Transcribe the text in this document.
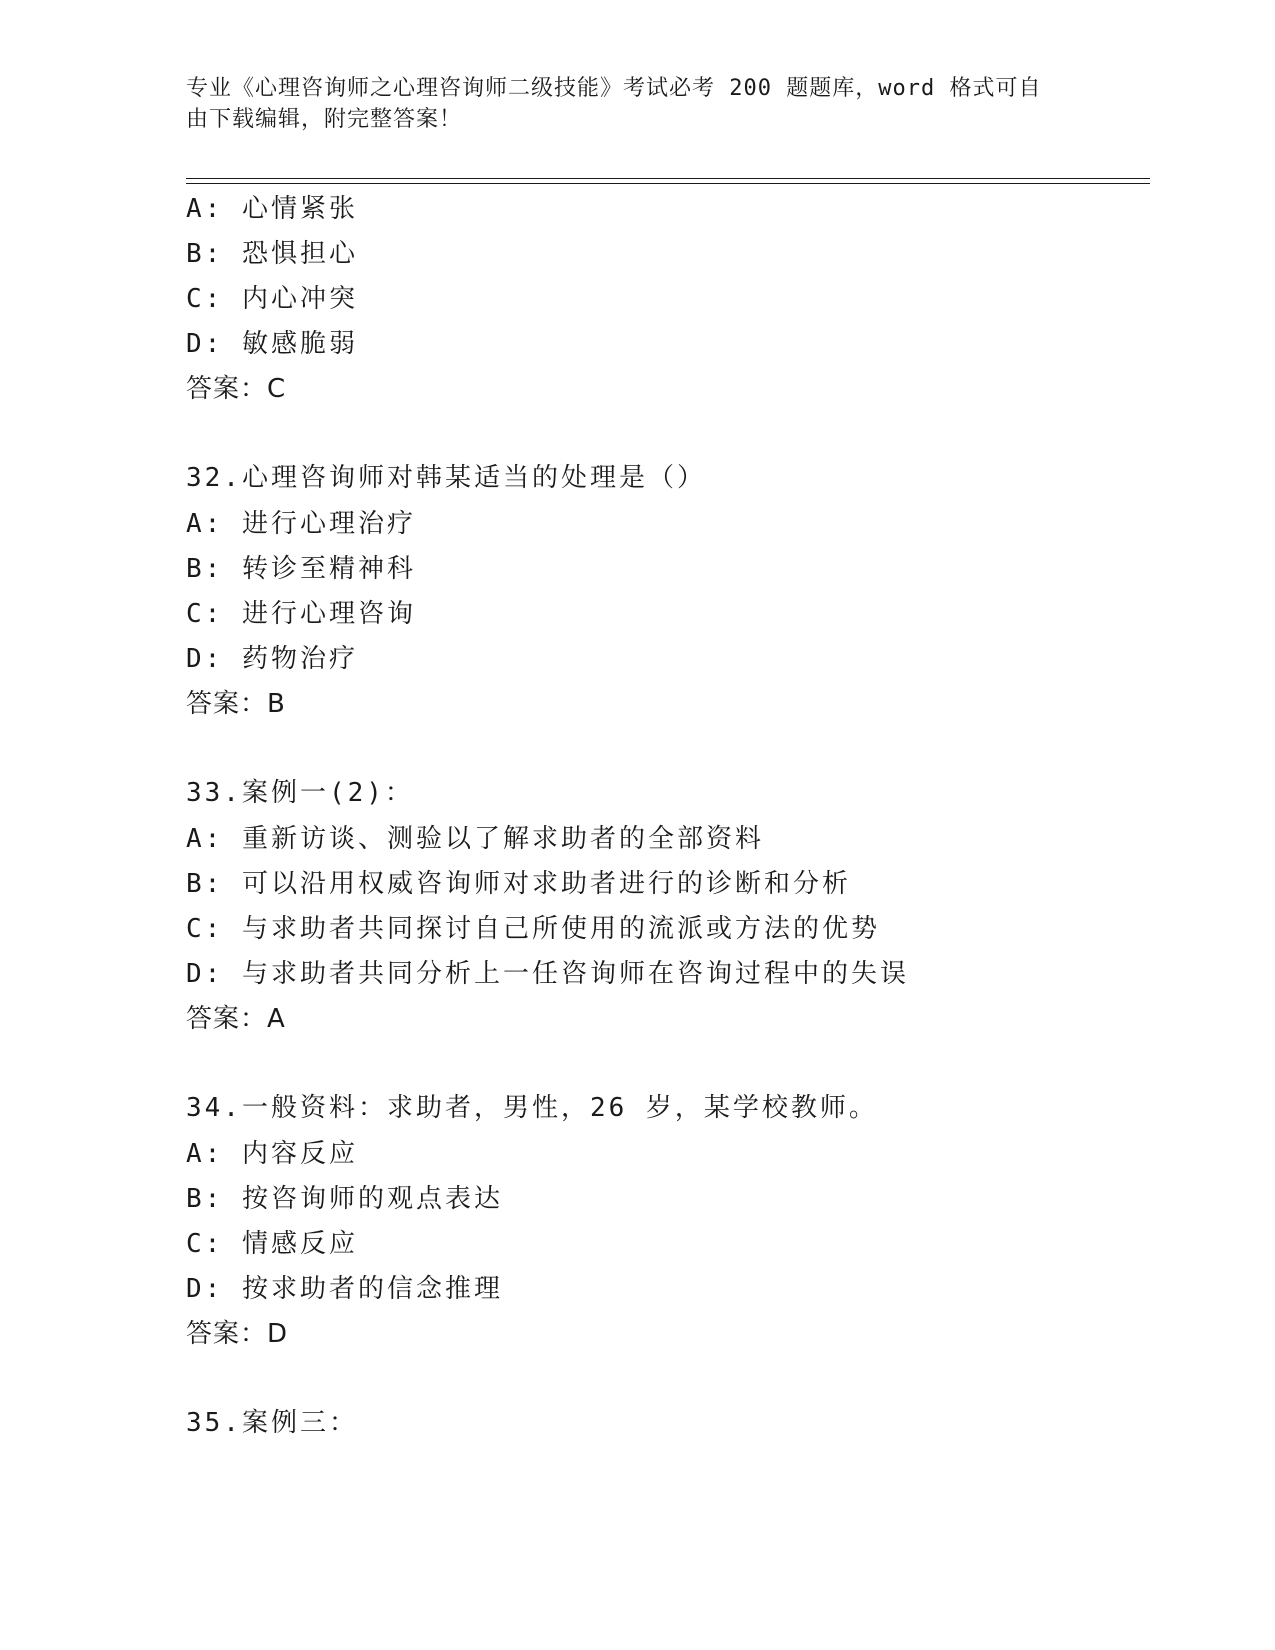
专业《心理咨询师之心理咨询师二级技能》考试必考 200 题题库，word 格式可自
由下载编辑，附完整答案！
A: 心情紧张
B: 恐惧担心
C: 内心冲突
D: 敏感脆弱
答案：C
32.心理咨询师对韩某适当的处理是（）
A: 进行心理治疗
B: 转诊至精神科
C: 进行心理咨询
D: 药物治疗
答案：B
33.案例一(2)：
A: 重新访谈、测验以了解求助者的全部资料
B: 可以沿用权威咨询师对求助者进行的诊断和分析
C: 与求助者共同探讨自己所使用的流派或方法的优势
D: 与求助者共同分析上一任咨询师在咨询过程中的失误
答案：A
34.一般资料：求助者，男性，26 岁，某学校教师。
A: 内容反应
B: 按咨询师的观点表达
C: 情感反应
D: 按求助者的信念推理
答案：D
35.案例三：
